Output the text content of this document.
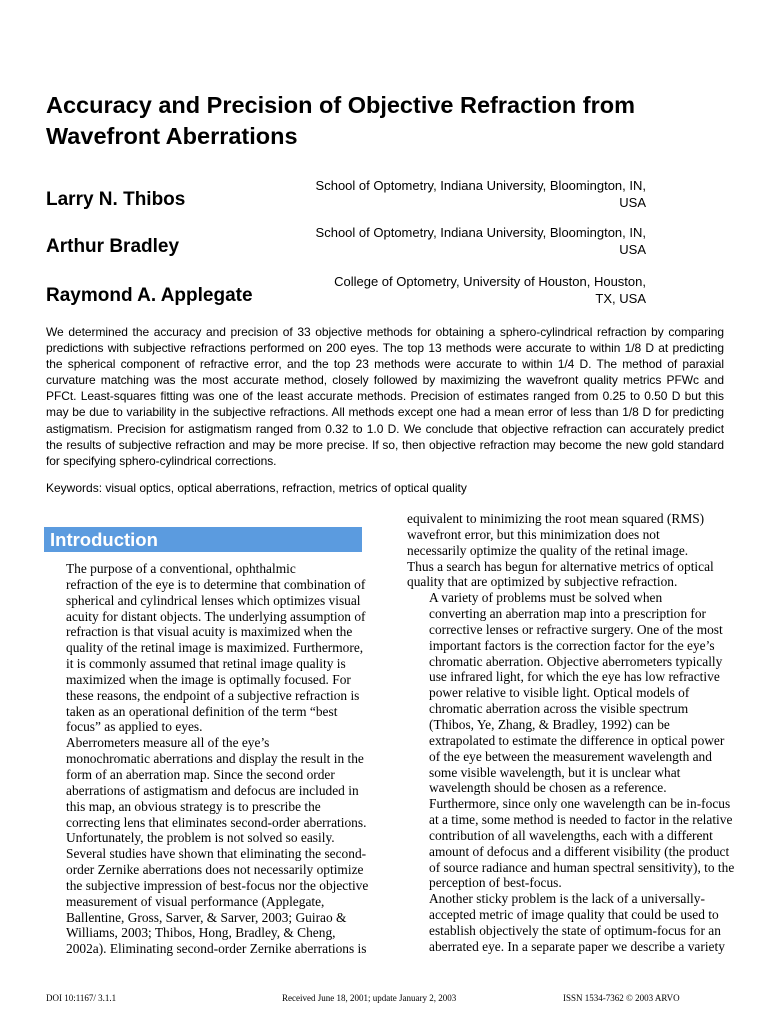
Accuracy and Precision of Objective Refraction from Wavefront Aberrations
Larry N. Thibos
School of Optometry, Indiana University, Bloomington, IN,
USA
Arthur Bradley
School of Optometry, Indiana University, Bloomington, IN,
USA
Raymond A. Applegate
College of Optometry, University of Houston, Houston,
TX, USA

We determined the accuracy and precision of 33 objective methods for obtaining a sphero-cylindrical refraction by comparing predictions with subjective refractions performed on 200 eyes. The top 13 methods were accurate to within 1/8 D at predicting the spherical component of refractive error, and the top 23 methods were accurate to within 1/4 D. The method of paraxial curvature matching was the most accurate method, closely followed by maximizing the wavefront quality metrics PFWc and PFCt. Least-squares fitting was one of the least accurate methods. Precision of estimates ranged from 0.25 to 0.50 D but this may be due to variability in the subjective refractions. All methods except one had a mean error of less than 1/8 D for predicting astigmatism. Precision for astigmatism ranged from 0.32 to 1.0 D. We conclude that objective refraction can accurately predict the results of subjective refraction and may be more precise. If so, then objective refraction may become the new gold standard for specifying sphero-cylindrical corrections.

Keywords: visual optics, optical aberrations, refraction, metrics of optical quality
Introduction

The purpose of a conventional, ophthalmic
refraction of the eye is to determine that combination of
spherical and cylindrical lenses which optimizes visual
acuity for distant objects. The underlying assumption of
refraction is that visual acuity is maximized when the
quality of the retinal image is maximized. Furthermore,
it is commonly assumed that retinal image quality is
maximized when the image is optimally focused. For
these reasons, the endpoint of a subjective refraction is
taken as an operational definition of the term “best
focus” as applied to eyes.

Aberrometers measure all of the eye’s
monochromatic aberrations and display the result in the
form of an aberration map. Since the second order
aberrations of astigmatism and defocus are included in
this map, an obvious strategy is to prescribe the
correcting lens that eliminates second-order aberrations.
Unfortunately, the problem is not solved so easily.
Several studies have shown that eliminating the second-
order Zernike aberrations does not necessarily optimize
the subjective impression of best-focus nor the objective
measurement of visual performance (Applegate,
Ballentine, Gross, Sarver, & Sarver, 2003; Guirao &
Williams, 2003; Thibos, Hong, Bradley, & Cheng,
2002a). Eliminating second-order Zernike aberrations is

equivalent to minimizing the root mean squared (RMS)
wavefront error, but this minimization does not
necessarily optimize the quality of the retinal image.
Thus a search has begun for alternative metrics of optical
quality that are optimized by subjective refraction.

A variety of problems must be solved when
converting an aberration map into a prescription for
corrective lenses or refractive surgery. One of the most
important factors is the correction factor for the eye’s
chromatic aberration. Objective aberrometers typically
use infrared light, for which the eye has low refractive
power relative to visible light. Optical models of
chromatic aberration across the visible spectrum
(Thibos, Ye, Zhang, & Bradley, 1992) can be
extrapolated to estimate the difference in optical power
of the eye between the measurement wavelength and
some visible wavelength, but it is unclear what
wavelength should be chosen as a reference.
Furthermore, since only one wavelength can be in-focus
at a time, some method is needed to factor in the relative
contribution of all wavelengths, each with a different
amount of defocus and a different visibility (the product
of source radiance and human spectral sensitivity), to the
perception of best-focus.

Another sticky problem is the lack of a universally-
accepted metric of image quality that could be used to
establish objectively the state of optimum-focus for an
aberrated eye. In a separate paper we describe a variety

DOI 10:1167/ 3.1.1	Received June 18, 2001; update January 2, 2003	ISSN 1534-7362 © 2003 ARVO
